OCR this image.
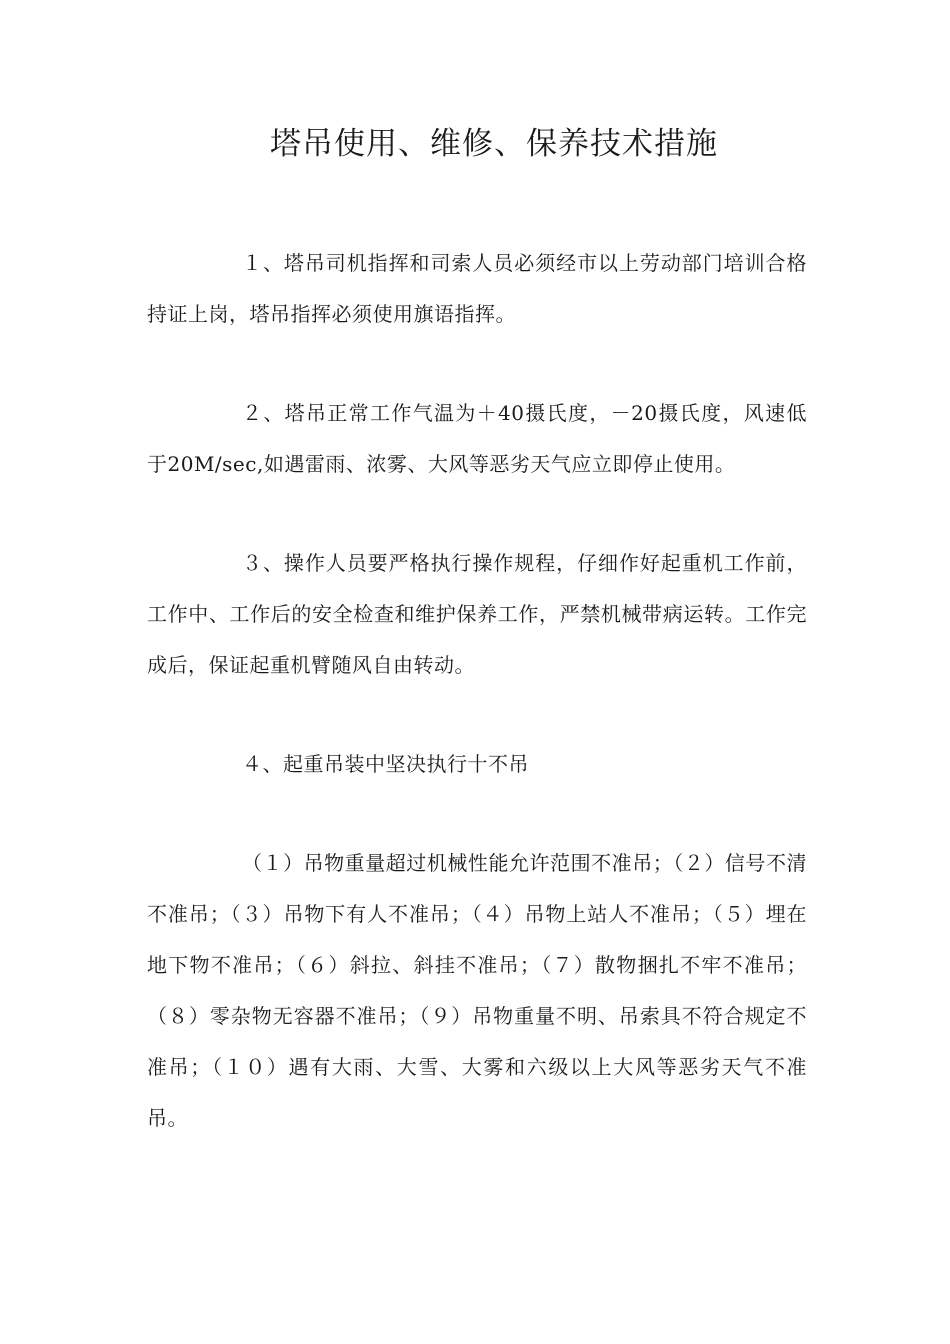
塔吊使用、维修、保养技术措施

１、塔吊司机指挥和司索人员必须经市以上劳动部门培训合格持证上岗，塔吊指挥必须使用旗语指挥。

２、塔吊正常工作气温为＋40摄氏度，－20摄氏度，风速低于20M/sec,如遇雷雨、浓雾、大风等恶劣天气应立即停止使用。

３、操作人员要严格执行操作规程，仔细作好起重机工作前，工作中、工作后的安全检查和维护保养工作，严禁机械带病运转。工作完成后，保证起重机臂随风自由转动。

４、起重吊装中坚决执行十不吊

（１）吊物重量超过机械性能允许范围不准吊；（２）信号不清不准吊；（３）吊物下有人不准吊；（４）吊物上站人不准吊；（５）埋在地下物不准吊；（６）斜拉、斜挂不准吊；（７）散物捆扎不牢不准吊；（８）零杂物无容器不准吊；（９）吊物重量不明、吊索具不符合规定不准吊；（１０）遇有大雨、大雪、大雾和六级以上大风等恶劣天气不准吊。
